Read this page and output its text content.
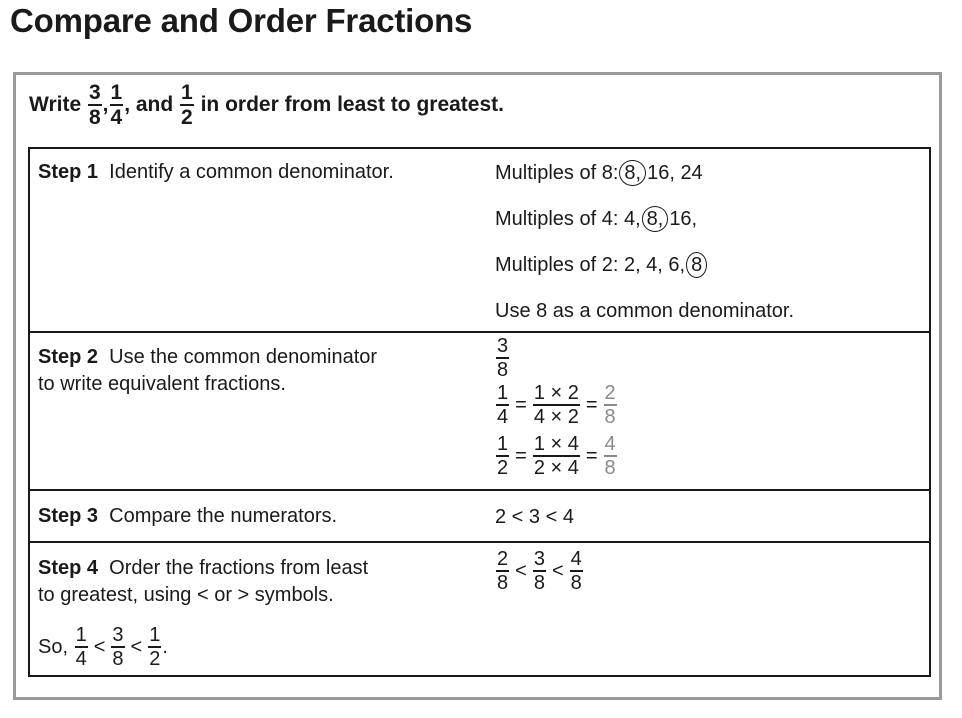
Compare and Order Fractions
Write
$\frac{3}{8}$ , $\frac{1}{4}$ , and
$\frac{1}{2}$
in order from least to greatest.
Step 1 Identify a common denominator.	Multiples of 8: 8, 16, 24
Multiples of 4: 4, 8, 16,
Multiples of 2: 2, 4, 6, 8
Use 8 as a common denominator.
Step 2 Use the common denominator
to write equivalent fractions.
$\frac{3}{8}$
$\frac{1}{4} = \frac{1 \times 2}{4 \times 2} = \frac{2}{8}$
$\frac{1}{2} = \frac{1 \times 4}{2 \times 4} = \frac{4}{8}$
Step 3 Compare the numerators.	2 < 3 < 4
Step 4 Order the fractions from least
to greatest, using < or > symbols.
So,
$\frac{1}{4} < \frac{3}{8} < \frac{1}{2}$ .
$\frac{2}{8} < \frac{3}{8} < \frac{4}{8}$
